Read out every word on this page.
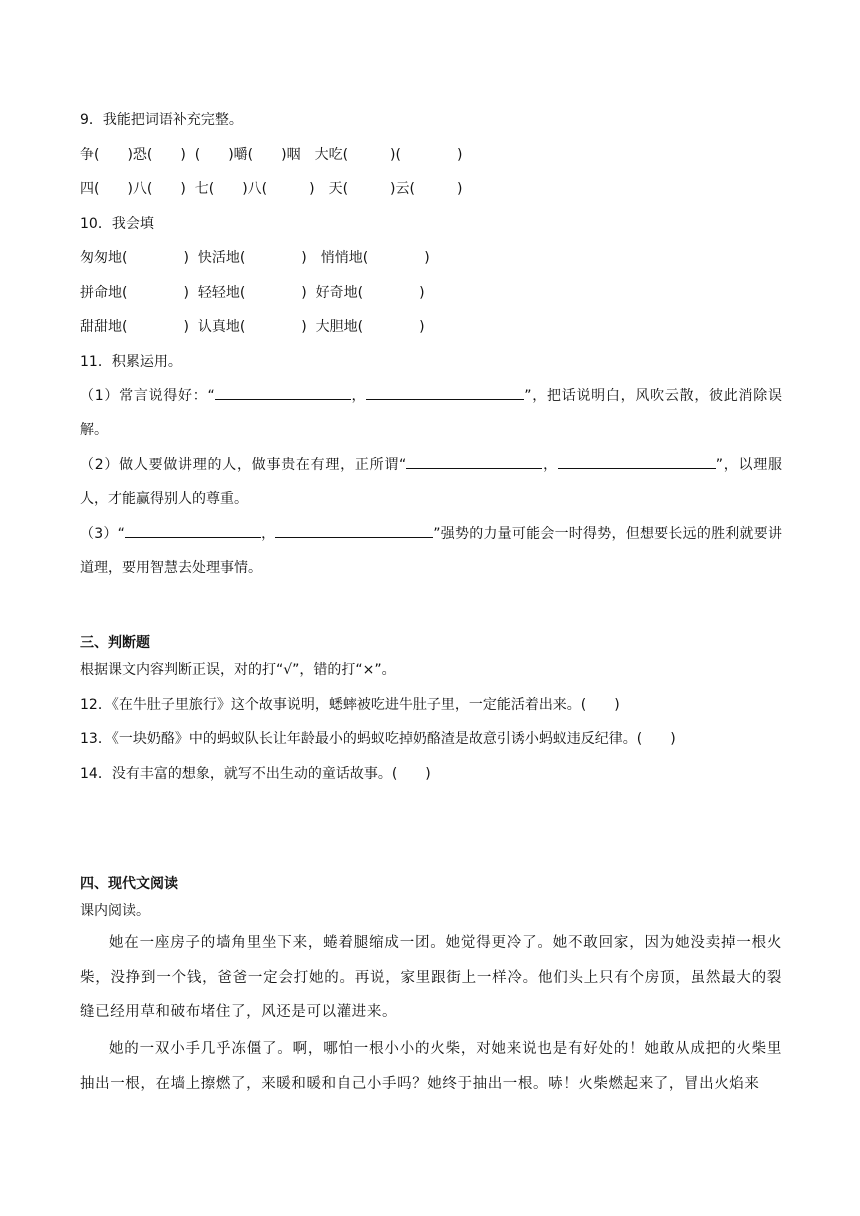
9．我能把词语补充完整。
争(　　)恐(　　)  (　　)嚼(　　)咽　大吃(　　　)(　　　　)
四(　　)八(　　)  七(　　)八(　　　)　天(　　　)云(　　　)
10．我会填
匆匆地(　　　　)  快活地(　　　　)　悄悄地(　　　　)
拼命地(　　　　)  轻轻地(　　　　)  好奇地(　　　　)
甜甜地(　　　　)  认真地(　　　　)  大胆地(　　　　)
11．积累运用。
（1）常言说得好：“	，	”，把话说明白，风吹云散，彼此消除误解。
（2）做人要做讲理的人，做事贵在有理，正所谓“	，	”，以理服人，才能赢得别人的尊重。
（3）“	，	”强势的力量可能会一时得势，但想要长远的胜利就要讲道理，要用智慧去处理事情。
三、判断题
根据课文内容判断正误，对的打“√”，错的打“×”。
12．《在牛肚子里旅行》这个故事说明，蟋蟀被吃进牛肚子里，一定能活着出来。(　　)
13．《一块奶酪》中的蚂蚁队长让年龄最小的蚂蚁吃掉奶酪渣是故意引诱小蚂蚁违反纪律。(　　)
14．没有丰富的想象，就写不出生动的童话故事。(　　)
四、现代文阅读
课内阅读。
她在一座房子的墙角里坐下来，蜷着腿缩成一团。她觉得更冷了。她不敢回家，因为她没卖掉一根火柴，没挣到一个钱，爸爸一定会打她的。再说，家里跟街上一样冷。他们头上只有个房顶，虽然最大的裂缝已经用草和破布堵住了，风还是可以灌进来。
她的一双小手几乎冻僵了。啊，哪怕一根小小的火柴，对她来说也是有好处的！她敢从成把的火柴里抽出一根，在墙上擦燃了，来暖和暖和自己小手吗？她终于抽出一根。哧！火柴燃起来了，冒出火焰来
